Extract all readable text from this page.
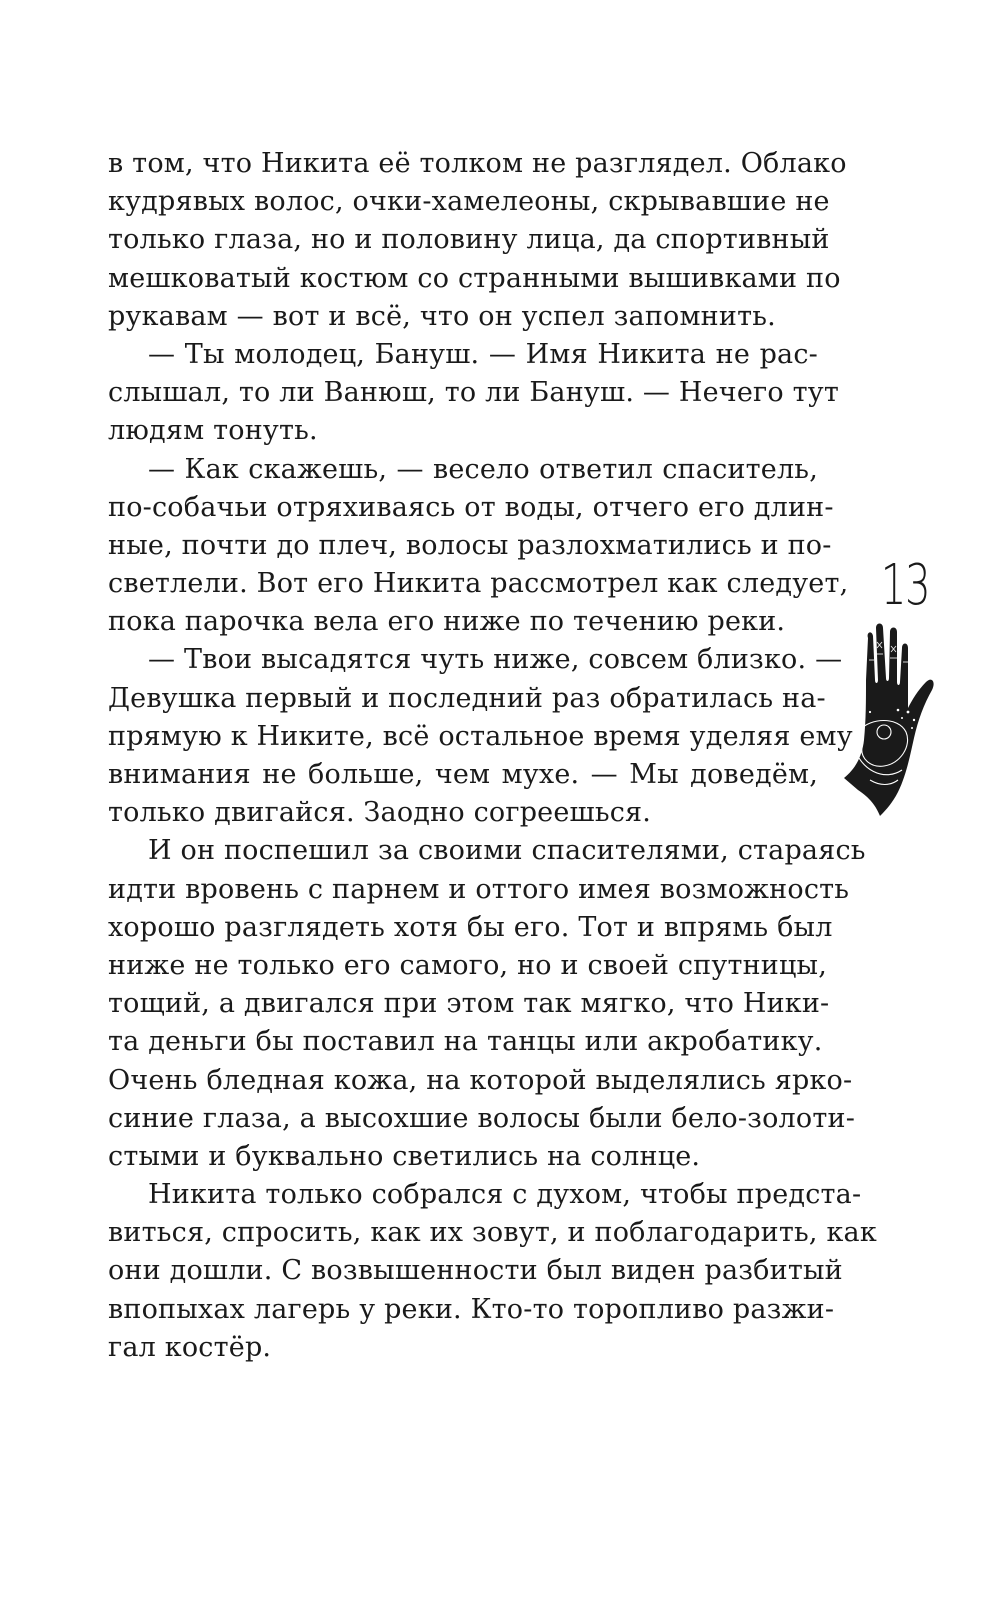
в том, что Никита её толком не разглядел. Облако
кудрявых волос, очки-хамелеоны, скрывавшие не
только глаза, но и половину лица, да спортивный
мешковатый костюм со странными вышивками по
рукавам — вот и всё, что он успел запомнить.
— Ты молодец, Бануш. — Имя Никита не рас-
слышал, то ли Ванюш, то ли Бануш. — Нечего тут
людям тонуть.
— Как скажешь, — весело ответил спаситель,
по-собачьи отряхиваясь от воды, отчего его длин-
ные, почти до плеч, волосы разлохматились и по-
светлели. Вот его Никита рассмотрел как следует,
пока парочка вела его ниже по течению реки.
— Твои высадятся чуть ниже, совсем близко. —
Девушка первый и последний раз обратилась на-
прямую к Никите, всё остальное время уделяя ему
внимания не больше, чем мухе. — Мы доведём,
только двигайся. Заодно согреешься.
И он поспешил за своими спасителями, стараясь
идти вровень с парнем и оттого имея возможность
хорошо разглядеть хотя бы его. Тот и впрямь был
ниже не только его самого, но и своей спутницы,
тощий, а двигался при этом так мягко, что Ники-
та деньги бы поставил на танцы или акробатику.
Очень бледная кожа, на которой выделялись ярко-
синие глаза, а высохшие волосы были бело-золоти-
стыми и буквально светились на солнце.
Никита только собрался с духом, чтобы предста-
виться, спросить, как их зовут, и поблагодарить, как
они дошли. С возвышенности был виден разбитый
впопыхах лагерь у реки. Кто-то торопливо разжи-
гал костёр.
13
